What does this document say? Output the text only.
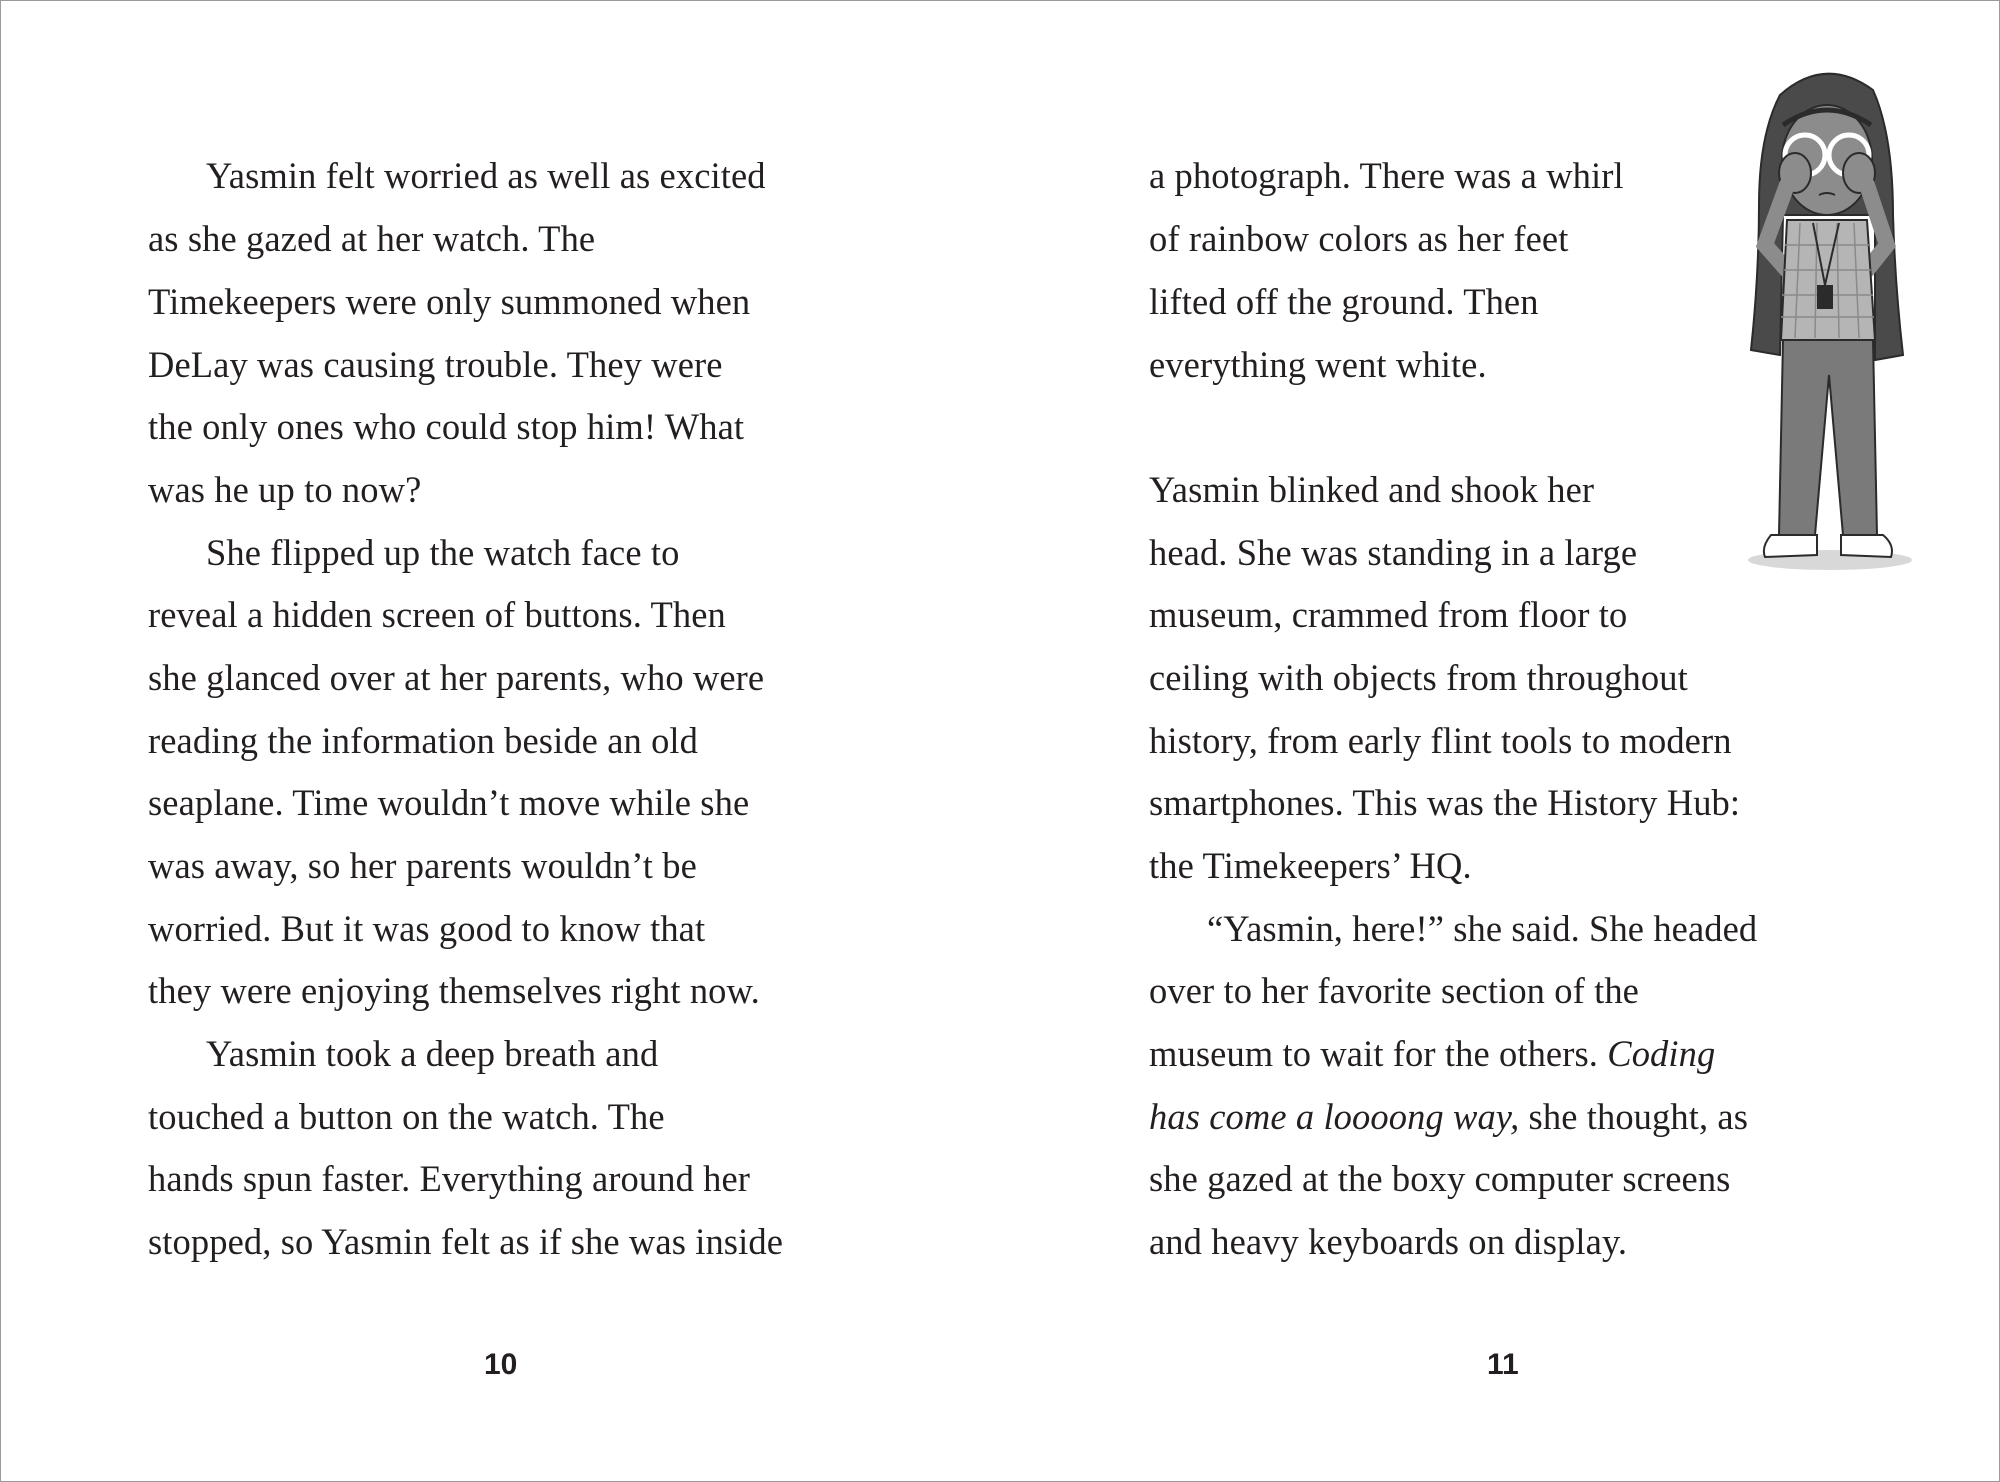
Yasmin felt worried as well as excited
as she gazed at her watch. The
Timekeepers were only summoned when
DeLay was causing trouble. They were
the only ones who could stop him! What
was he up to now?
She flipped up the watch face to
reveal a hidden screen of buttons. Then
she glanced over at her parents, who were
reading the information beside an old
seaplane. Time wouldn’t move while she
was away, so her parents wouldn’t be
worried. But it was good to know that
they were enjoying themselves right now.
Yasmin took a deep breath and
touched a button on the watch. The
hands spun faster. Everything around her
stopped, so Yasmin felt as if she was inside
10
a photograph. There was a whirl
of rainbow colors as her feet
lifted off the ground. Then
everything went white.
Yasmin blinked and shook her
head. She was standing in a large
museum, crammed from floor to
ceiling with objects from throughout
history, from early flint tools to modern
smartphones. This was the History Hub:
the Timekeepers’ HQ.
“Yasmin, here!” she said. She headed
over to her favorite section of the
museum to wait for the others. Coding
has come a loooong way, she thought, as
she gazed at the boxy computer screens
and heavy keyboards on display.
11
